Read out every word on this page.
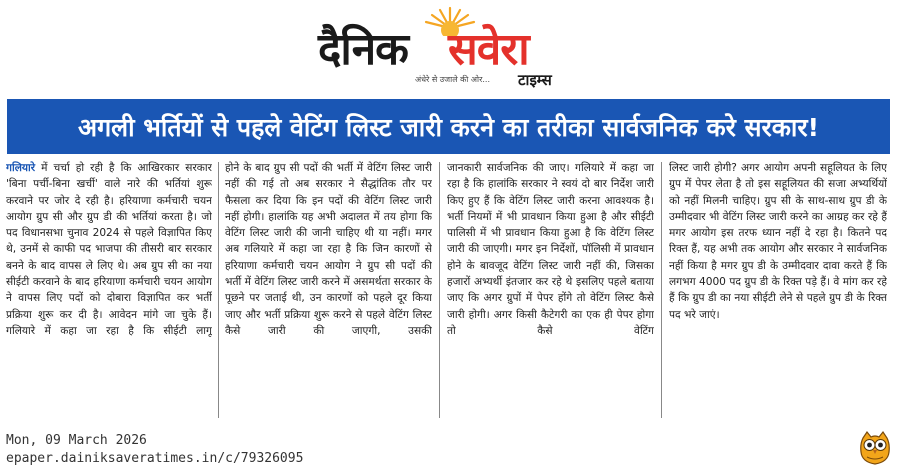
दैनिक सवेरा
अंधेरे से उजाले की ओर... टाइम्स
अगली भर्तियों से पहले वेटिंग लिस्ट जारी करने का तरीका सार्वजनिक करे सरकार!

गलियारे में चर्चा हो रही है कि आखिरकार सरकार 'बिना पर्ची-बिना खर्ची' वाले नारे की भर्तियां शुरू करवाने पर जोर दे रही है। हरियाणा कर्मचारी चयन आयोग ग्रुप सी और ग्रुप डी की भर्तियां करता है। जो पद विधानसभा चुनाव 2024 से पहले विज्ञापित किए थे, उनमें से काफी पद भाजपा की तीसरी बार सरकार बनने के बाद वापस ले लिए थे। अब ग्रुप सी का नया सीईटी करवाने के बाद हरियाणा कर्मचारी चयन आयोग ने वापस लिए पदों को दोबारा विज्ञापित कर भर्ती प्रक्रिया शुरू कर दी है। आवेदन मांगे जा चुके हैं। गलियारे में कहा जा रहा है कि सीईटी लागू

होने के बाद ग्रुप सी पदों की भर्ती में वेटिंग लिस्ट जारी नहीं की गई तो अब सरकार ने सैद्धांतिक तौर पर फैसला कर दिया कि इन पदों की वेटिंग लिस्ट जारी नहीं होगी। हालांकि यह अभी अदालत में तय होगा कि वेटिंग लिस्ट जारी की जानी चाहिए थी या नहीं। मगर अब गलियारे में कहा जा रहा है कि जिन कारणों से हरियाणा कर्मचारी चयन आयोग ने ग्रुप सी पदों की भर्ती में वेटिंग लिस्ट जारी करने में असमर्थता सरकार के पूछने पर जताई थी, उन कारणों को पहले दूर किया जाए और भर्ती प्रक्रिया शुरू करने से पहले वेटिंग लिस्ट कैसे जारी की जाएगी, उसकी

जानकारी सार्वजनिक की जाए। गलियारे में कहा जा रहा है कि हालांकि सरकार ने स्वयं दो बार निर्देश जारी किए हुए हैं कि वेटिंग लिस्ट जारी करना आवश्यक है। भर्ती नियमों में भी प्रावधान किया हुआ है और सीईटी पालिसी में भी प्रावधान किया हुआ है कि वेटिंग लिस्ट जारी की जाएगी। मगर इन निर्देशों, पॉलिसी में प्रावधान होने के बावजूद वेटिंग लिस्ट जारी नहीं की, जिसका हजारों अभ्यर्थी इंतजार कर रहे थे इसलिए पहले बताया जाए कि अगर ग्रुपों में पेपर होंगे तो वेटिंग लिस्ट कैसे जारी होगी। अगर किसी कैटेगरी का एक ही पेपर होगा तो कैसे वेटिंग

लिस्ट जारी होगी? अगर आयोग अपनी सहूलियत के लिए ग्रुप में पेपर लेता है तो इस सहूलियत की सजा अभ्यर्थियों को नहीं मिलनी चाहिए। ग्रुप सी के साथ-साथ ग्रुप डी के उम्मीदवार भी वेटिंग लिस्ट जारी करने का आग्रह कर रहे हैं मगर आयोग इस तरफ ध्यान नहीं दे रहा है। कितने पद रिक्त हैं, यह अभी तक आयोग और सरकार ने सार्वजनिक नहीं किया है मगर ग्रुप डी के उम्मीदवार दावा करते हैं कि लगभग 4000 पद ग्रुप डी के रिक्त पड़े हैं। वे मांग कर रहे हैं कि ग्रुप डी का नया सीईटी लेने से पहले ग्रुप डी के रिक्त पद भरे जाएं।

Mon, 09 March 2026
epaper.dainiksaveratimes.in/c/79326095
